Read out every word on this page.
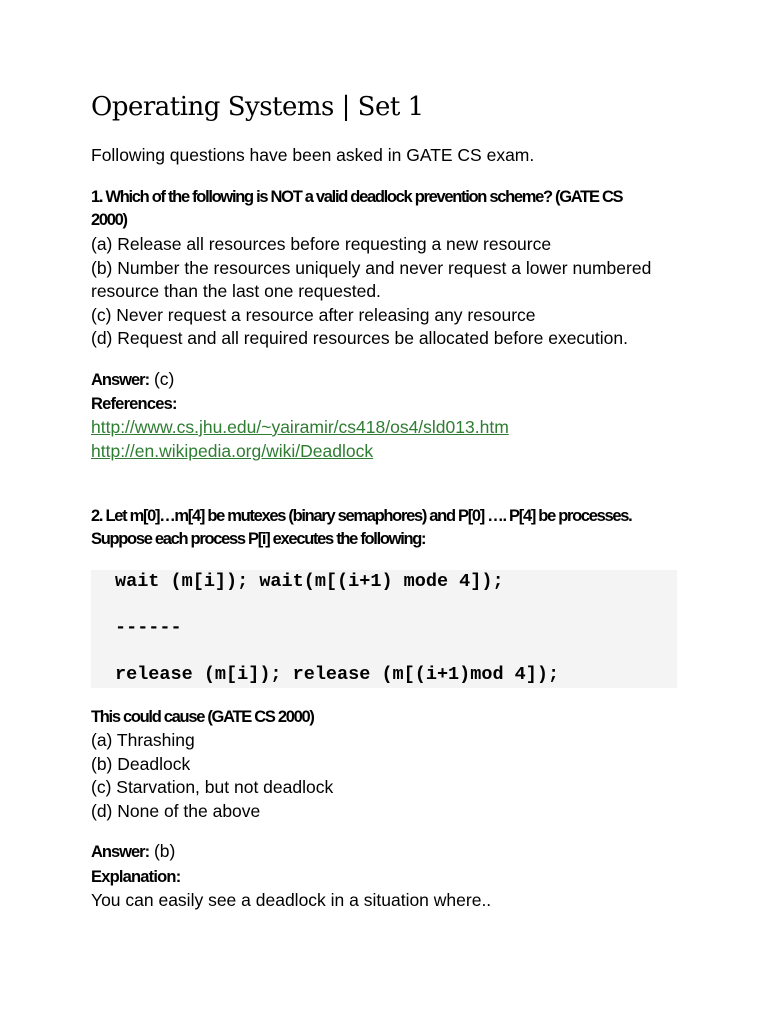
Operating Systems | Set 1
Following questions have been asked in GATE CS exam.
1. Which of the following is NOT a valid deadlock prevention scheme? (GATE CS
2000)
(a) Release all resources before requesting a new resource
(b) Number the resources uniquely and never request a lower numbered
resource than the last one requested.
(c) Never request a resource after releasing any resource
(d) Request and all required resources be allocated before execution.
Answer: (c)
References:
http://www.cs.jhu.edu/~yairamir/cs418/os4/sld013.htm
http://en.wikipedia.org/wiki/Deadlock
2. Let m[0]…m[4] be mutexes (binary semaphores) and P[0] …. P[4] be processes.
Suppose each process P[i] executes the following:
wait (m[i]); wait(m[(i+1) mode 4]);
------
release (m[i]); release (m[(i+1)mod 4]);
This could cause (GATE CS 2000)
(a) Thrashing
(b) Deadlock
(c) Starvation, but not deadlock
(d) None of the above
Answer: (b)
Explanation:
You can easily see a deadlock in a situation where..
